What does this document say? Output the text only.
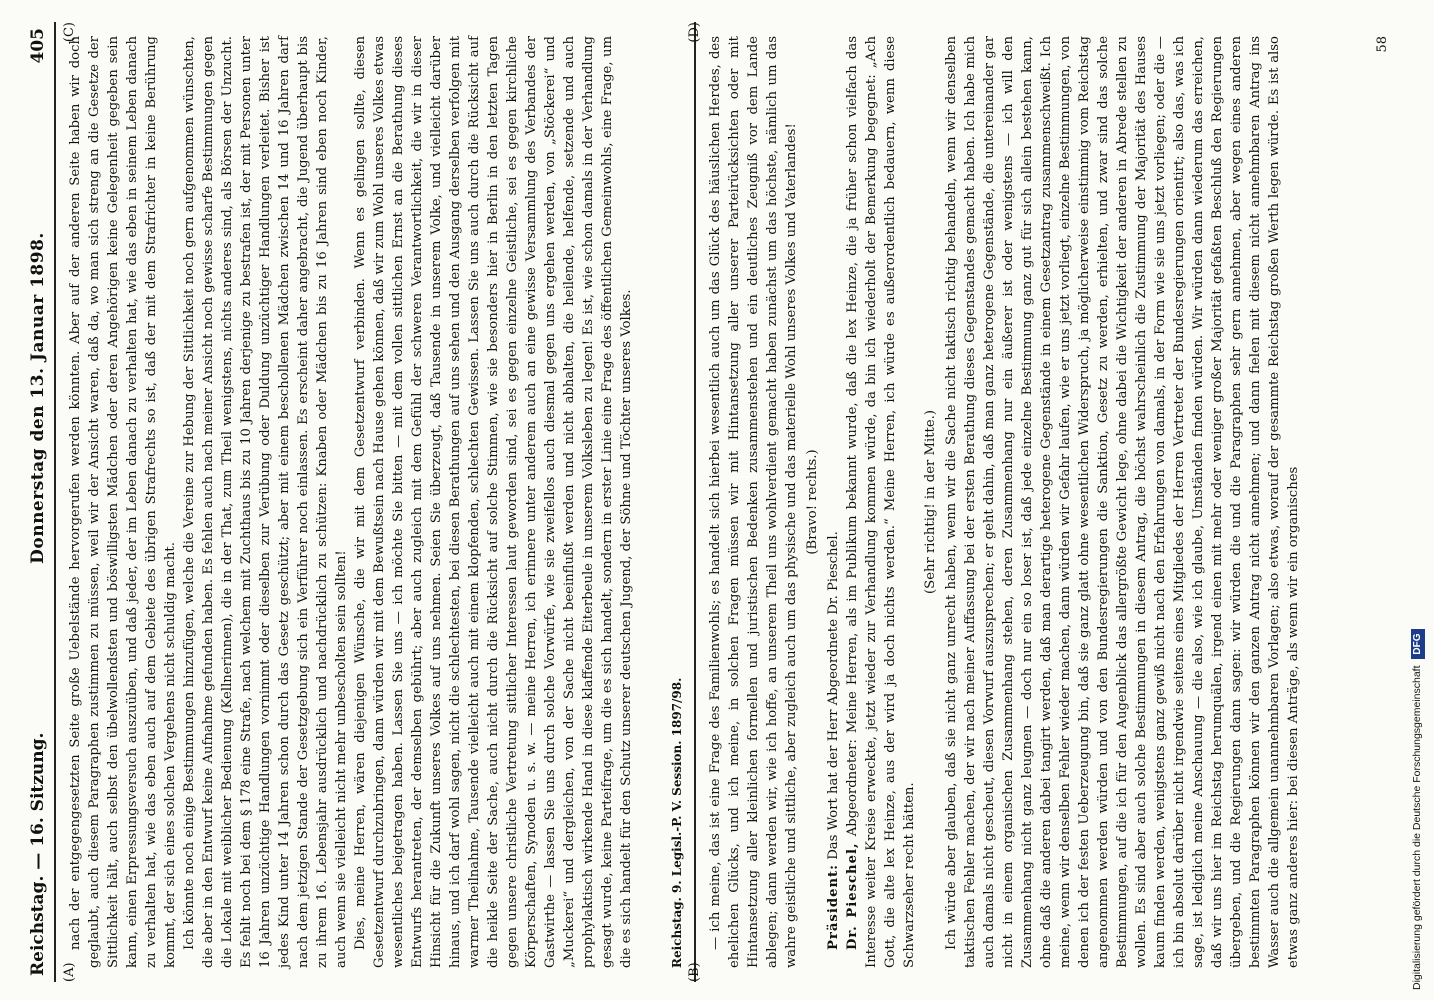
Reichstag. — 16. Sitzung.
Donnerstag den 13. Januar 1898.
405 nach der entgegengesetzten Seite große Uebelstände hervorgerufen werden könnten. Aber auf der anderen Seite haben wir doch geglaubt, auch diesem Paragraphen zustimmen zu müssen, weil wir der Ansicht waren, daß da, wo man sich streng an die Gesetze der Sittlichkeit hält, auch selbst den übelwollendsten und böswilligsten Mädchen oder deren Angehörigen keine Gelegenheit gegeben sein kann, einen Erpressungsversuch auszuüben, und daß jeder, der im Leben danach zu verhalten hat, wie das eben in seinem Leben danach zu verhalten hat, wie das eben auch auf dem Gebiete des übrigen Strafrechts so ist, daß der mit dem Strafrichter in keine Berührung kommt, der sich eines solchen Vergehens nicht schuldig macht. Ich könnte noch einige Bestimmungen hinzufügen, welche die Vereine zur Hebung der Sittlichkeit noch gern aufgenommen wünschten, die aber in den Entwurf keine Aufnahme gefunden haben. Es fehlen auch nach meiner Ansicht noch gewisse scharfe Bestimmungen gegen die Lokale mit weiblicher Bedienung (Kellnerinnen), die in der That, zum Theil wenigstens, nichts anderes sind, als Börsen der Unzucht. Es fehlt noch bei dem § 178 eine Strafe, nach welchem mit Zuchthaus bis zu 10 Jahren derjenige zu bestrafen ist, der mit Personen unter 16 Jahren unzüchtige Handlungen vornimmt oder dieselben zur Verübung oder Duldung unzüchtiger Handlungen verleitet. Bisher ist jedes Kind unter 14 Jahren schon durch das Gesetz geschützt; aber mit einem beschollenen Mädchen zwischen 14 und 16 Jahren darf nach dem jetzigen Stande der Gesetzgebung sich ein Verführer noch einlassen. Es erscheint daher angebracht, die Jugend überhaupt bis zu ihrem 16. Lebensjahr ausdrücklich und nachdrücklich zu schützen: Knaben oder Mädchen bis zu 16 Jahren sind eben noch Kinder, auch wenn sie vielleicht nicht mehr unbescholten sein sollten! Dies, meine Herren, wären diejenigen Wünsche, die wir mit dem Gesetzentwurf verbinden. Wenn es gelingen sollte, diesen Gesetzentwurf durchzubringen, dann würden wir mit dem Bewußtsein nach Hause gehen können, daß wir zum Wohl unseres Volkes etwas wesentliches beigetragen haben. Lassen Sie uns — ich möchte Sie bitten — mit dem vollen sittlichen Ernst an die Berathung dieses Entwurfs herantreten, der demselben gebührt; aber auch zugleich mit dem Gefühl der schweren Verantwortlichkeit, die wir in dieser Hinsicht für die Zukunft unseres Volkes auf uns nehmen. Seien Sie überzeugt, daß Tausende in unserem Volke, und vielleicht darüber hinaus, und ich darf wohl sagen, nicht die schlechtesten, bei diesen Berathungen auf uns sehen und den Ausgang derselben verfolgen mit warmer Theilnahme, Tausende vielleicht auch mit einem klopfenden, schlechten Gewissen. Lassen Sie uns auch durch die Rücksicht auf die heikle Seite der Sache, auch nicht durch die Rücksicht auf solche Stimmen, wie sie besonders hier in Berlin in den letzten Tagen gegen unsere christliche Vertretung sittlicher Interessen laut geworden sind, sei es gegen einzelne Geistliche, sei es gegen kirchliche Körperschaften, Synoden u. s. w. — meine Herren, ich erinnere unter anderem auch an eine gewisse Versammlung des Verbandes der Gastwirthe — lassen Sie uns durch solche Vorwürfe, wie sie zweifellos auch diesmal gegen uns ergehen werden, von „Stöckerei“ und „Muckerei“ und dergleichen, von der Sache nicht beeinflußt werden und nicht abhalten, die heilende, helfende, setzende und auch prophylaktisch wirkende Hand in diese klaffende Eiterbeule in unserem Volksleben zu legen! Es ist, wie schon damals in der Verhandlung gesagt wurde, keine Parteifrage, um die es sich handelt, sondern in erster Linie eine Frage des öffentlichen Gemeinwohls, eine Frage, um die es sich handelt für den Schutz unserer deutschen Jugend, der Söhne und Töchter unseres Volkes.	Reichstag. 9. Legisl.-P. V. Session. 1897/98.	— ich meine, das ist eine Frage des Familienwohls; es handelt sich hierbei wesentlich auch um das Glück des häuslichen Herdes, des ehelichen Glücks, und ich meine, in solchen Fragen müssen wir mit Hintansetzung aller unserer Parteirücksichten oder mit Hintansetzung aller kleinlichen formellen und juristischen Bedenken zusammenstehen und ein deutliches Zeugniß vor dem Lande ablegen; dann werden wir, wie ich hoffe, an unserem Theil uns wohlverdient gemacht haben zunächst um das höchste, nämlich um das wahre geistliche und sittliche, aber zugleich auch um das physische und das materielle Wohl unseres Volkes und Vaterlandes! (Bravo! rechts.)

Präsident: Das Wort hat der Herr Abgeordnete Dr. Pieschel.

Dr. Pieschel, Abgeordneter: Meine Herren, als im Publikum bekannt wurde, daß die lex Heinze, die ja früher schon vielfach das Interesse weiter Kreise erweckte, jetzt wieder zur Verhandlung kommen würde, da bin ich wiederholt der Bemerkung begegnet: „Ach Gott, die alte lex Heinze, aus der wird ja doch nichts werden.“ Meine Herren, ich würde es außerordentlich bedauern, wenn diese Schwarzseher recht hätten.

(Sehr richtig! in der Mitte.) Ich würde aber glauben, daß sie nicht ganz unrecht haben, wenn wir die Sache nicht taktisch richtig behandeln, wenn wir denselben taktischen Fehler machen, der wir nach meiner Auffassung bei der ersten Berathung dieses Gegenstandes gemacht haben. Ich habe mich auch damals nicht gescheut, diesen Vorwurf auszusprechen; er geht dahin, daß man ganz heterogene Gegenstände, die untereinander gar nicht in einem organischen Zusammenhang stehen, deren Zusammenhang nur ein äußerer ist oder wenigstens — ich will den Zusammenhang nicht ganz leugnen — doch nur ein so loser ist, daß jede einzelne Bestimmung ganz gut für sich allein bestehen kann, ohne daß die anderen dabei tangirt werden, daß man derartige heterogene Gegenstände in einem Gesetzantrag zusammenschweißt. Ich meine, wenn wir denselben Fehler wieder machen, dann würden wir Gefahr laufen, wie er uns jetzt vorliegt, einzelne Bestimmungen, von denen ich der festen Ueberzeugung bin, daß sie ganz glatt ohne wesentlichen Widerspruch, ja möglicherweise einstimmig vom Reichstag angenommen werden würden und von den Bundesregierungen die Sanktion, Gesetz zu werden, erhielten, und zwar sind das solche Bestimmungen, auf die ich für den Augenblick das allergrößte Gewicht lege, ohne dabei die Wichtigkeit der anderen in Abrede stellen zu wollen. Es sind aber auch solche Bestimmungen in diesem Antrag, die höchst wahrscheinlich die Zustimmung der Majorität des Hauses kaum finden werden, wenigstens ganz gewiß nicht nach den Erfahrungen von damals, in der Form wie sie uns jetzt vorliegen; oder die — ich bin absolut darüber nicht irgendwie seitens eines Mitgliedes der Herren Vertreter der Bundesregierungen orientirt; also das, was ich sage, ist lediglich meine Anschauung — die also, wie ich glaube, Umständen finden würden. Wir würden dann wiederum das erreichen, daß wir uns hier im Reichstag herumquälen, irgend einen mit mehr oder weniger großer Majorität gefaßten Beschluß den Regierungen übergeben, und die Regierungen dann sagen: wir würden die und die Paragraphen sehr gern annehmen, aber wegen eines anderen bestimmten Paragraphen können wir den ganzen Antrag nicht annehmen; und dann fielen mit diesem nicht annehmbaren Antrag ins Wasser auch die allgemein unannehmbaren Vorlagen; also etwas, worauf der gesammte Reichstag großen Werth legen würde. Es ist also etwas ganz anderes hier: bei diesen Anträge, als wenn wir ein organisches

58
(A)	(B)
(C)	(D)
Digitalisierung gefördert durch die Deutsche Forschungsgemeinschaft DFG
